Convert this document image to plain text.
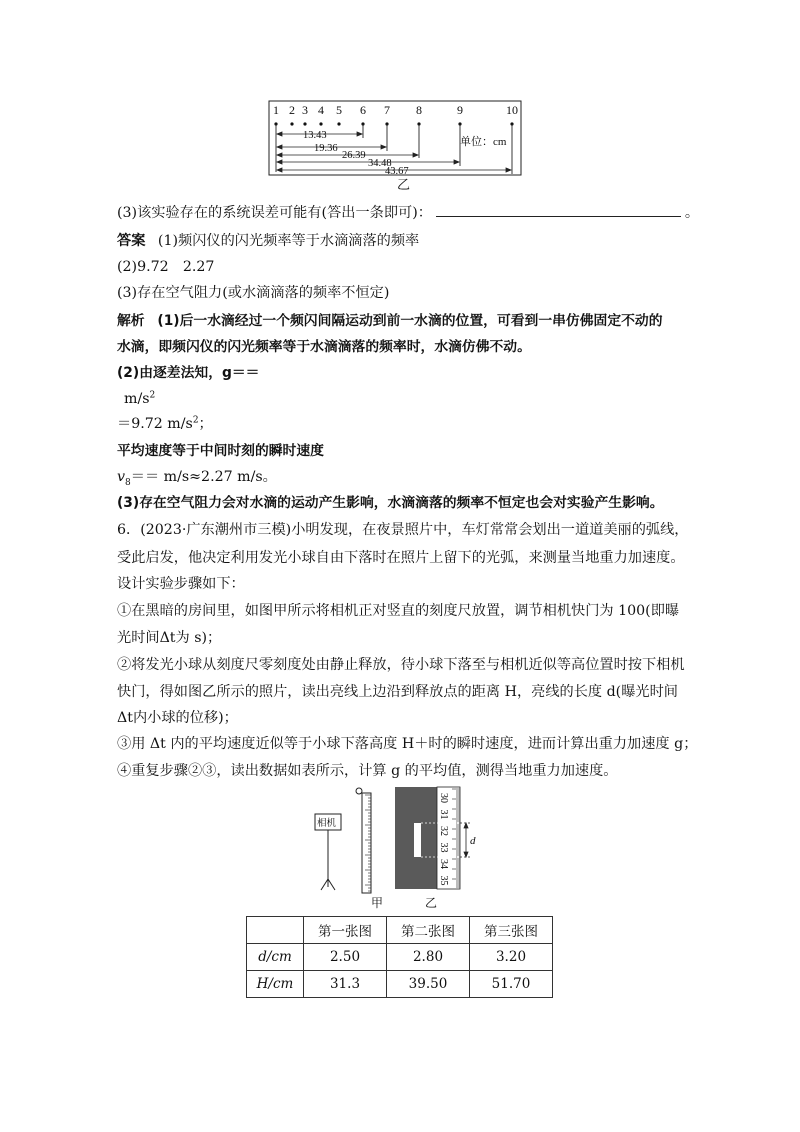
1 2 3 4 5 6 7 8	9	10
13.43
19.36
26.39
34.48
43.67
单位：cm
乙
(3)该实验存在的系统误差可能有(答出一条即可)：	。
答案 (1)频闪仪的闪光频率等于水滴滴落的频率
(2)9.72　2.27
(3)存在空气阻力(或水滴滴落的频率不恒定)
解析 (1)后一水滴经过一个频闪间隔运动到前一水滴的位置，可看到一串仿佛固定不动的
水滴，即频闪仪的闪光频率等于水滴滴落的频率时，水滴仿佛不动。
(2)由逐差法知，g＝＝
$m/s^2$
＝9.72 $m/s^2$；
平均速度等于中间时刻的瞬时速度
$v_8== m/s\approx 2.27$ m/s。
(3)存在空气阻力会对水滴的运动产生影响，水滴滴落的频率不恒定也会对实验产生影响。
6．(2023·广东潮州市三模)小明发现，在夜景照片中，车灯常常会划出一道道美丽的弧线，
受此启发，他决定利用发光小球自由下落时在照片上留下的光弧，来测量当地重力加速度。
设计实验步骤如下：
①在黑暗的房间里，如图甲所示将相机正对竖直的刻度尺放置，调节相机快门为 100(即曝
光时间Δt为 s)；
②将发光小球从刻度尺零刻度处由静止释放，待小球下落至与相机近似等高位置时按下相机
快门，得如图乙所示的照片，读出亮线上边沿到释放点的距离 H，亮线的长度 d(曝光时间
Δt内小球的位移)；
③用 Δt 内的平均速度近似等于小球下落高度 H＋时的瞬时速度，进而计算出重力加速度 g；
④重复步骤②③，读出数据如表所示，计算 g 的平均值，测得当地重力加速度。
相机
30
31
32
33
34
35
d
甲	乙
	第一张图	第二张图	第三张图
d/cm	2.50	2.80	3.20
H/cm	31.3	39.50	51.70
